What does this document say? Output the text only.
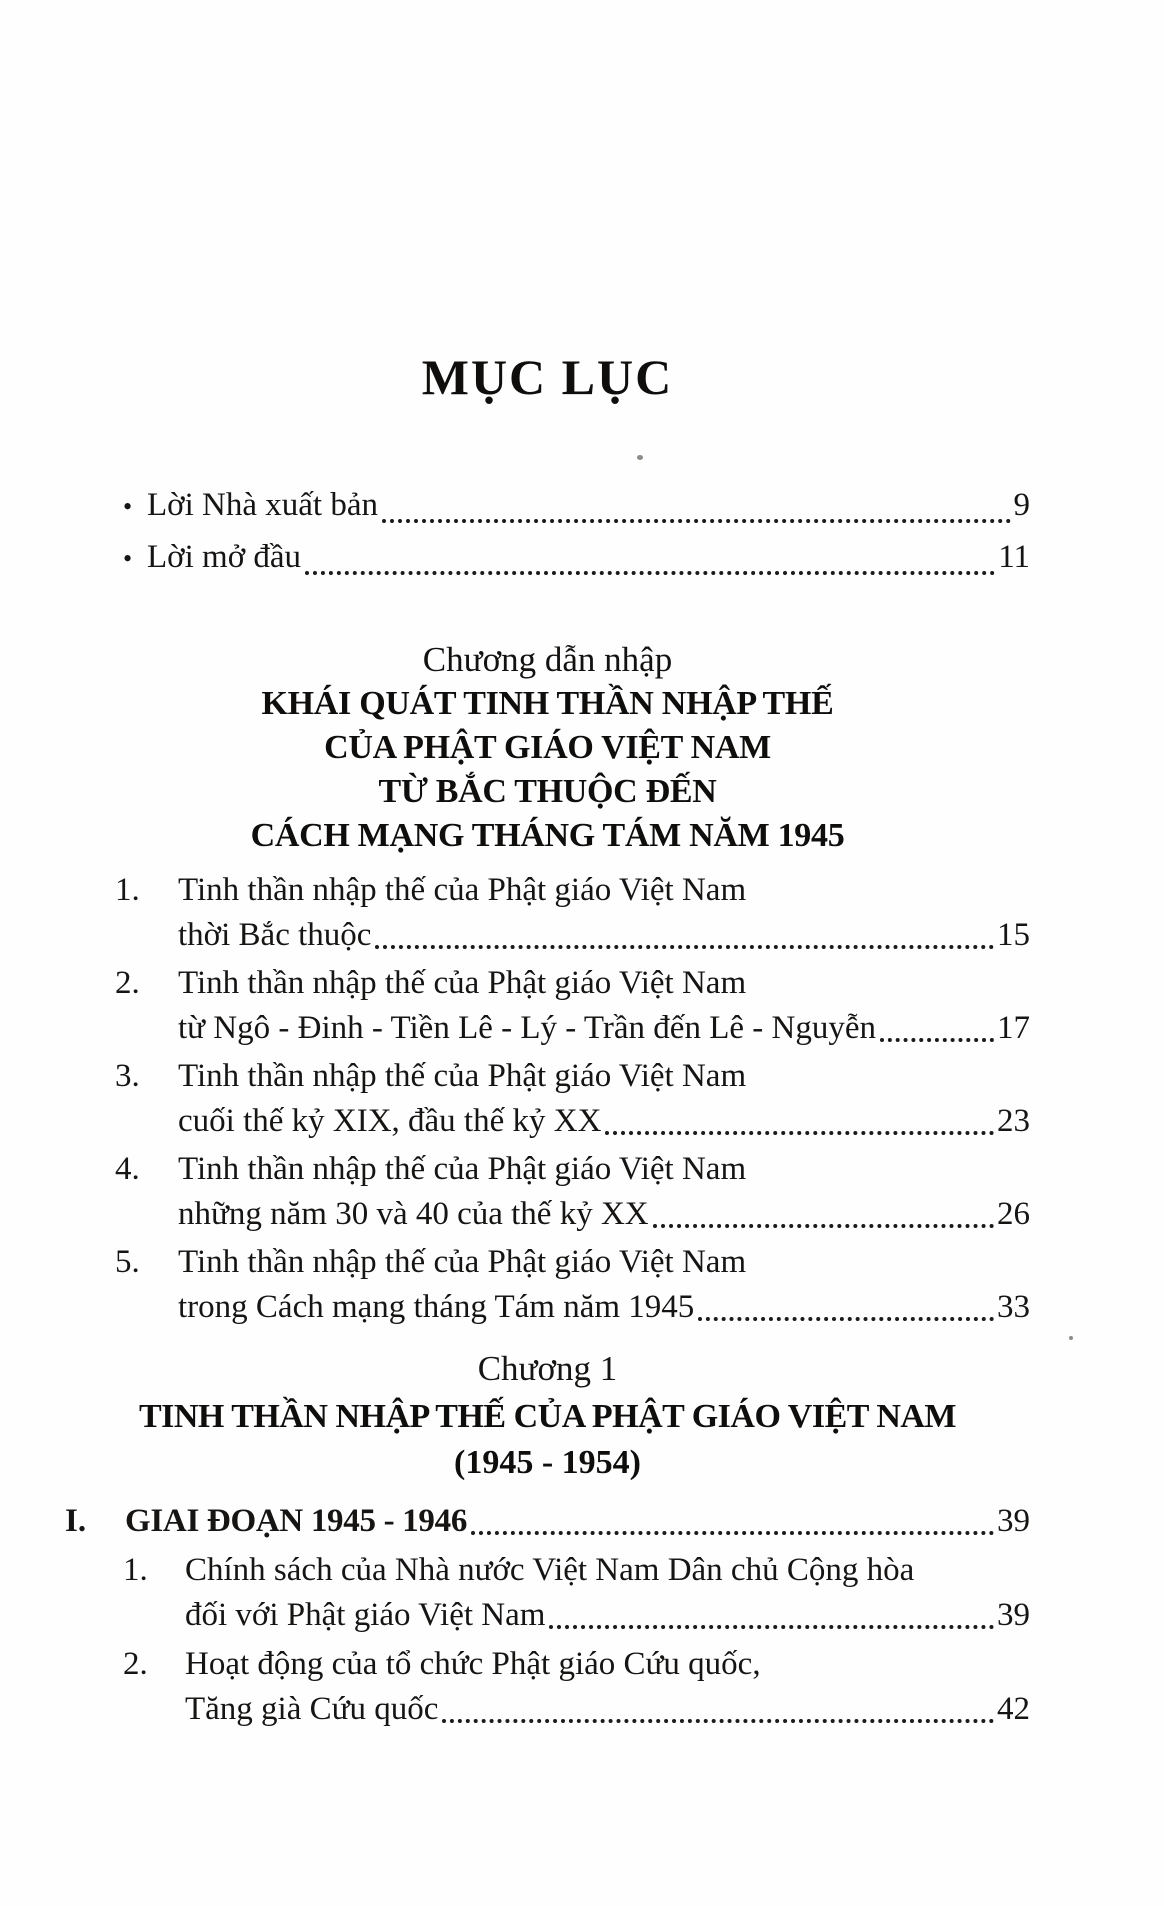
MỤC LỤC
• Lời Nhà xuất bản	9
• Lời mở đầu	11
Chương dẫn nhập
KHÁI QUÁT TINH THẦN NHẬP THẾ
CỦA PHẬT GIÁO VIỆT NAM
TỪ BẮC THUỘC ĐẾN
CÁCH MẠNG THÁNG TÁM NĂM 1945
1.	Tinh thần nhập thế của Phật giáo Việt Nam
thời Bắc thuộc	15
2.	Tinh thần nhập thế của Phật giáo Việt Nam
từ Ngô - Đinh - Tiền Lê - Lý - Trần đến Lê - Nguyễn	17
3.	Tinh thần nhập thế của Phật giáo Việt Nam
cuối thế kỷ XIX, đầu thế kỷ XX	23
4.	Tinh thần nhập thế của Phật giáo Việt Nam
những năm 30 và 40 của thế kỷ XX	26
5.	Tinh thần nhập thế của Phật giáo Việt Nam
trong Cách mạng tháng Tám năm 1945	33
Chương 1
TINH THẦN NHẬP THẾ CỦA PHẬT GIÁO VIỆT NAM
(1945 - 1954)
I.	GIAI ĐOẠN 1945 - 1946	39
1.	Chính sách của Nhà nước Việt Nam Dân chủ Cộng hòa
đối với Phật giáo Việt Nam	39
2.	Hoạt động của tổ chức Phật giáo Cứu quốc,
Tăng già Cứu quốc	42
